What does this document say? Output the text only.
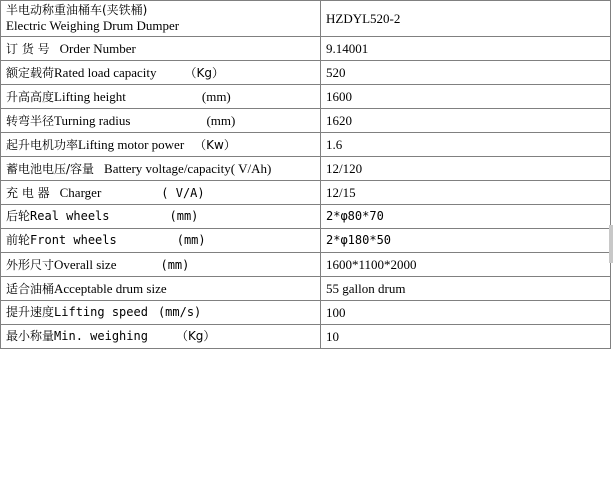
半电动称重油桶车(夹铁桶)
Electric Weighing Drum Dumper	HZDYL520-2
订 货 号 Order Number	9.14001
额定载荷Rated load capacity （Kg）	520
升高高度Lifting height (mm)	1600
转弯半径Turning radius (mm)	1620
起升电机功率Lifting motor power （Kw）	1.6
蓄电池电压/容量 Battery voltage/capacity( V/Ah)	12/120
充 电 器 Charger ( V/A)	12/15
后轮Real wheels (mm)	2*φ80*70
前轮Front wheels (mm)	2*φ180*50
外形尺寸Overall size (mm)	1600*1100*2000
适合油桶Acceptable drum size	55 gallon drum
提升速度Lifting speed (mm/s)	100
最小称量Min. weighing （Kg）	10
